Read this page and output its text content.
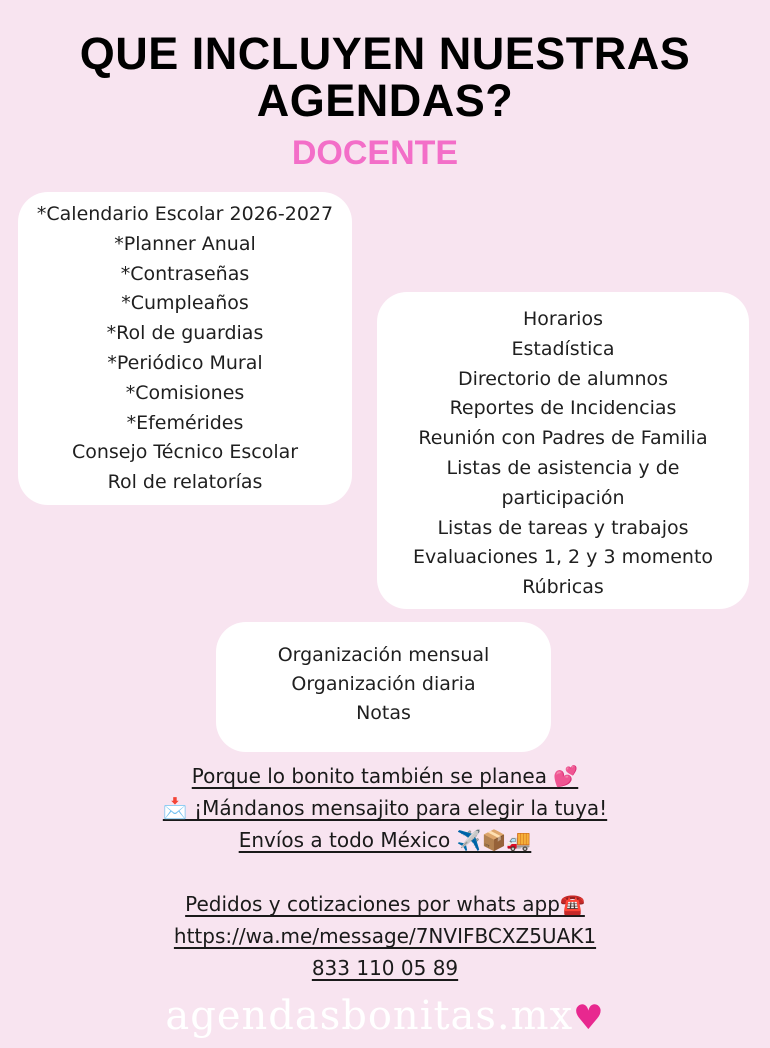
QUE INCLUYEN NUESTRAS
AGENDAS?
DOCENTE
*Calendario Escolar 2026-2027
*Planner Anual
*Contraseñas
*Cumpleaños
*Rol de guardias
*Periódico Mural
*Comisiones
*Efemérides
Consejo Técnico Escolar
Rol de relatorías
Horarios
Estadística
Directorio de alumnos
Reportes de Incidencias
Reunión con Padres de Familia
Listas de asistencia y de participación
Listas de tareas y trabajos
Evaluaciones 1, 2 y 3 momento
Rúbricas
Organización mensual
Organización diaria
Notas
Porque lo bonito también se planea 💕
📩 ¡Mándanos mensajito para elegir la tuya!
Envíos a todo México ✈️📦🚚
Pedidos y cotizaciones por whats app☎️
https://wa.me/message/7NVIFBCXZ5UAK1
833 110 05 89
agendasbonitas.mx♥
